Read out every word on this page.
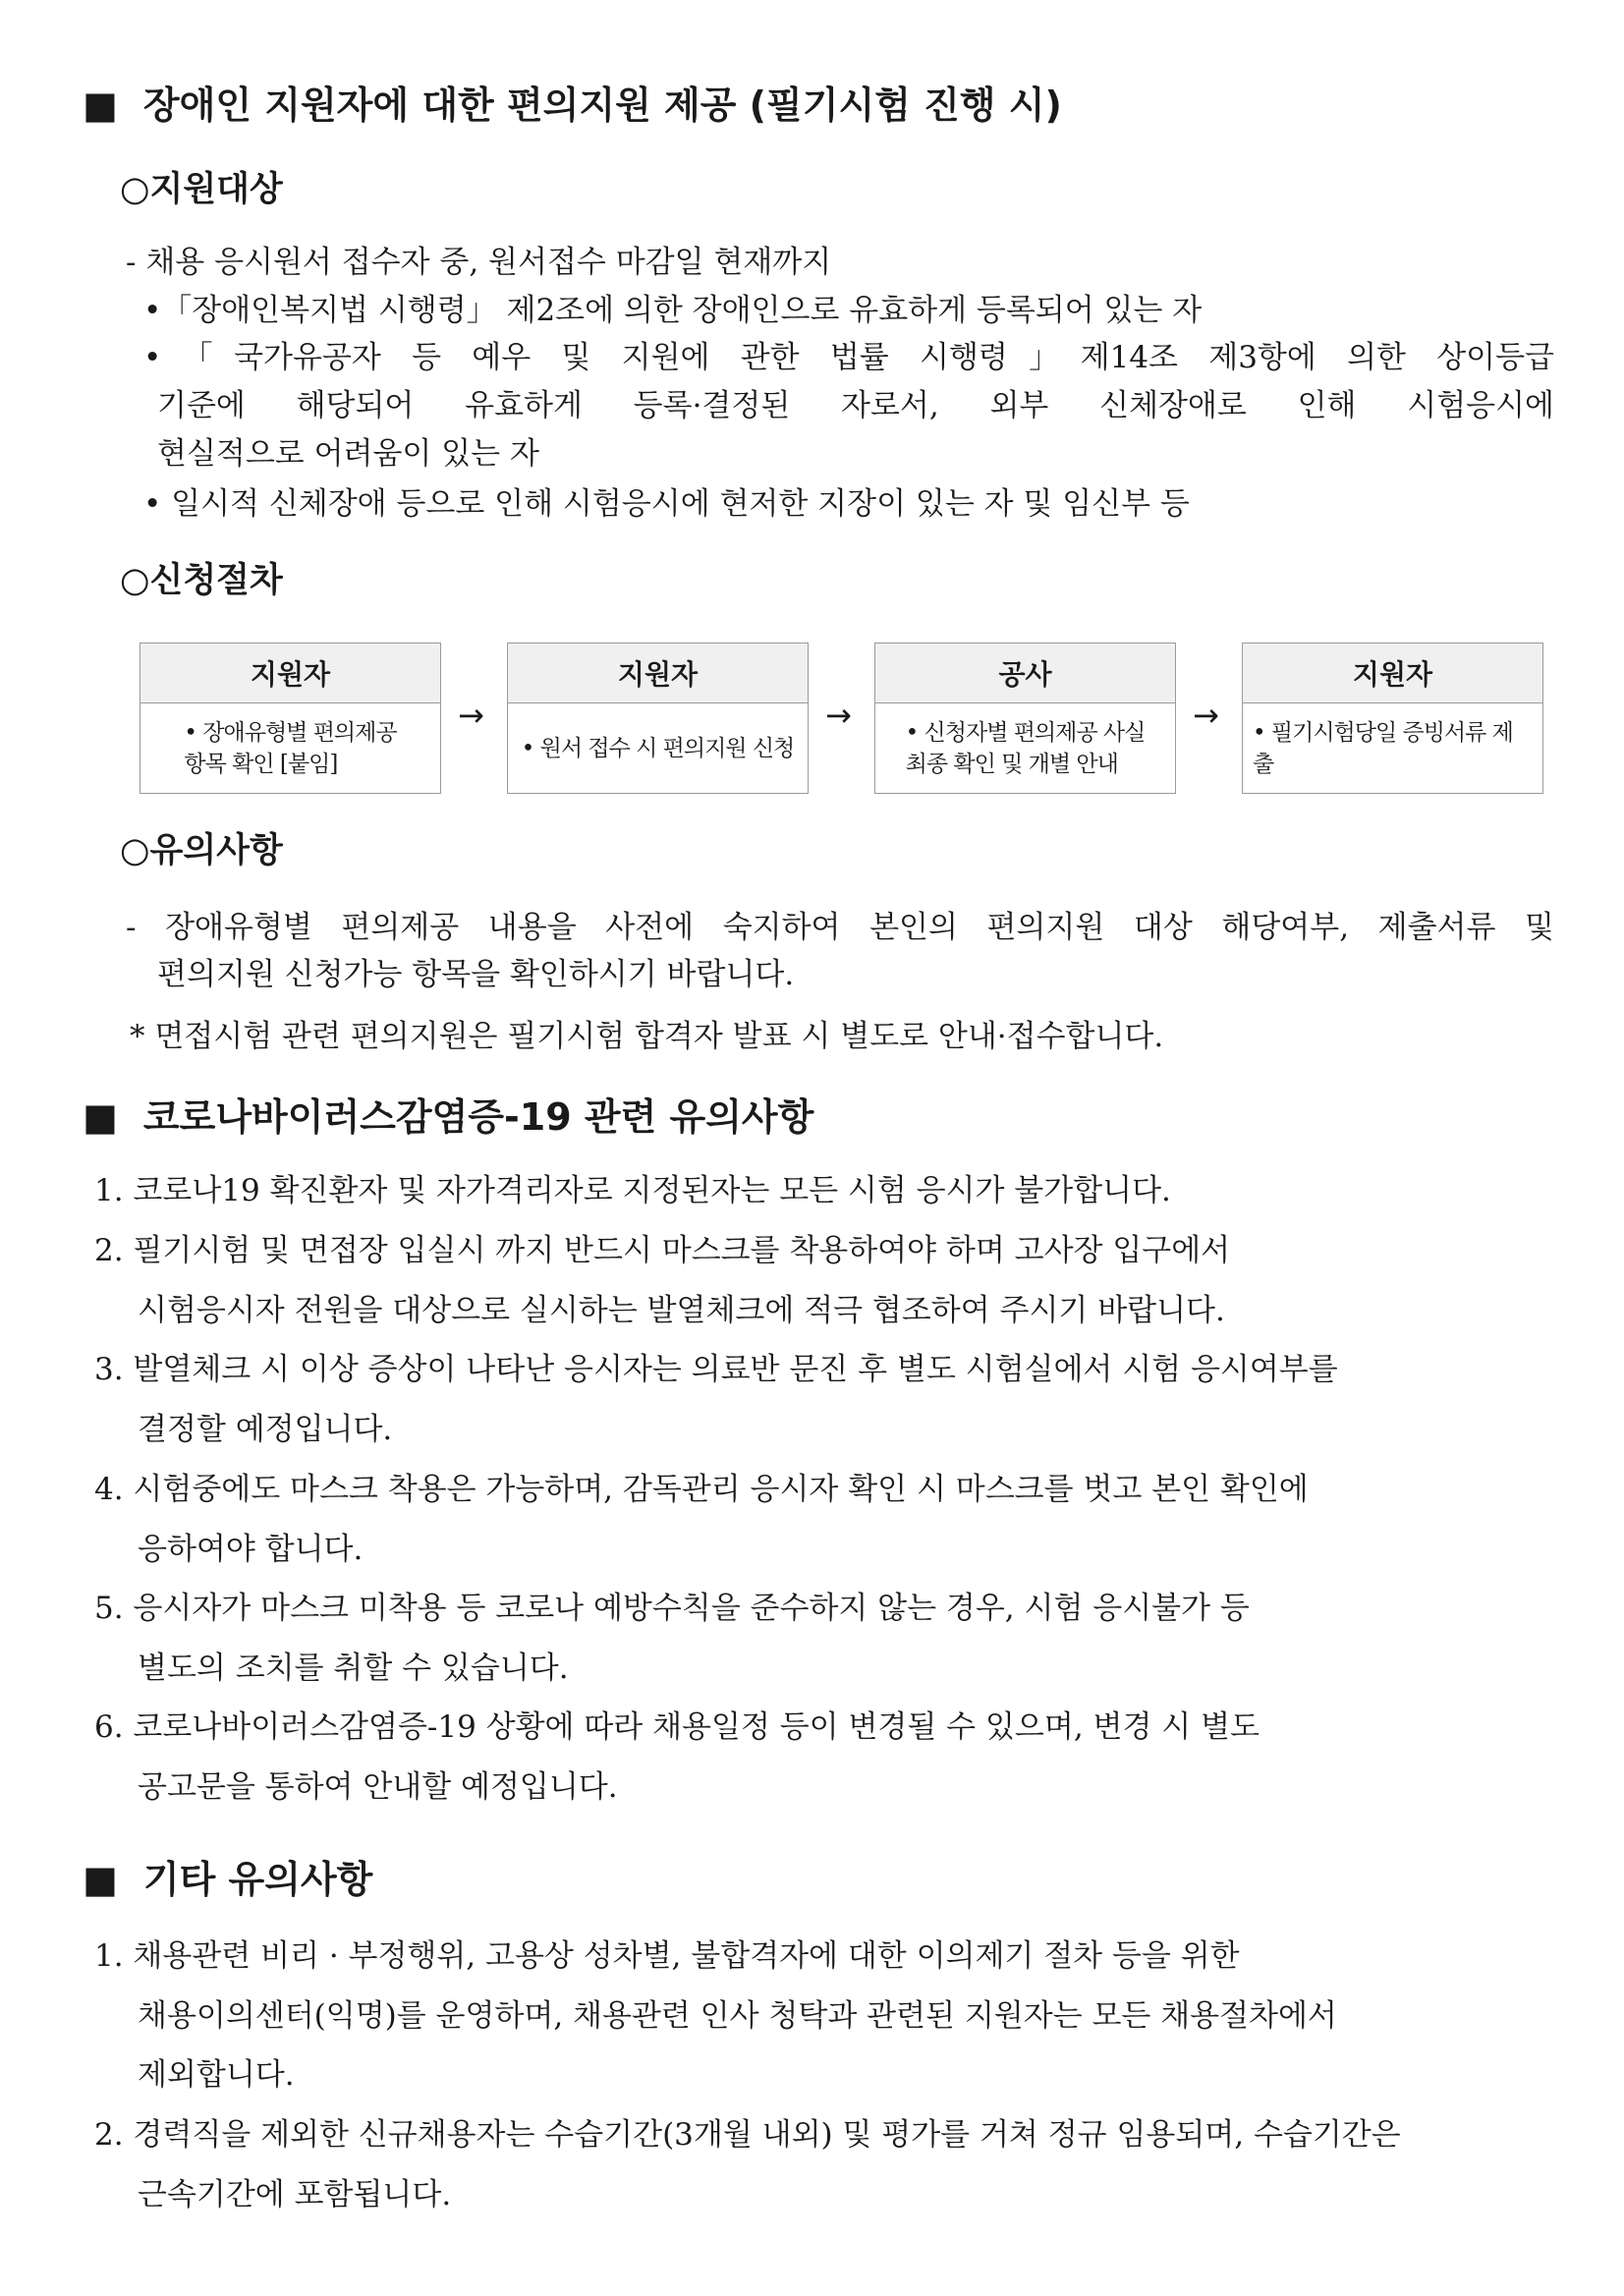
■ 장애인 지원자에 대한 편의지원 제공 (필기시험 진행 시)
○지원대상
- 채용 응시원서 접수자 중, 원서접수 마감일 현재까지
•「장애인복지법 시행령」 제2조에 의한 장애인으로 유효하게 등록되어 있는 자
•「국가유공자 등 예우 및 지원에 관한 법률 시행령」제14조 제3항에 의한 상이등급
기준에 해당되어 유효하게 등록·결정된 자로서, 외부 신체장애로 인해 시험응시에
현실적으로 어려움이 있는 자
• 일시적 신체장애 등으로 인해 시험응시에 현저한 지장이 있는 자 및 임신부 등
○신청절차
지원자
• 장애유형별 편의제공
항목 확인 [붙임]
→
지원자
• 원서 접수 시 편의지원 신청
→
공사
• 신청자별 편의제공 사실
최종 확인 및 개별 안내
→
지원자
• 필기시험당일 증빙서류 제출
○유의사항
- 장애유형별 편의제공 내용을 사전에 숙지하여 본인의 편의지원 대상 해당여부, 제출서류 및
편의지원 신청가능 항목을 확인하시기 바랍니다.
* 면접시험 관련 편의지원은 필기시험 합격자 발표 시 별도로 안내·접수합니다.
■ 코로나바이러스감염증-19 관련 유의사항
1. 코로나19 확진환자 및 자가격리자로 지정된자는 모든 시험 응시가 불가합니다.
2. 필기시험 및 면접장 입실시 까지 반드시 마스크를 착용하여야 하며 고사장 입구에서
시험응시자 전원을 대상으로 실시하는 발열체크에 적극 협조하여 주시기 바랍니다.
3. 발열체크 시 이상 증상이 나타난 응시자는 의료반 문진 후 별도 시험실에서 시험 응시여부를
결정할 예정입니다.
4. 시험중에도 마스크 착용은 가능하며, 감독관리 응시자 확인 시 마스크를 벗고 본인 확인에
응하여야 합니다.
5. 응시자가 마스크 미착용 등 코로나 예방수칙을 준수하지 않는 경우, 시험 응시불가 등
별도의 조치를 취할 수 있습니다.
6. 코로나바이러스감염증-19 상황에 따라 채용일정 등이 변경될 수 있으며, 변경 시 별도
공고문을 통하여 안내할 예정입니다.
■ 기타 유의사항
1. 채용관련 비리 · 부정행위, 고용상 성차별, 불합격자에 대한 이의제기 절차 등을 위한
채용이의센터(익명)를 운영하며, 채용관련 인사 청탁과 관련된 지원자는 모든 채용절차에서
제외합니다.
2. 경력직을 제외한 신규채용자는 수습기간(3개월 내외) 및 평가를 거쳐 정규 임용되며, 수습기간은
근속기간에 포함됩니다.
